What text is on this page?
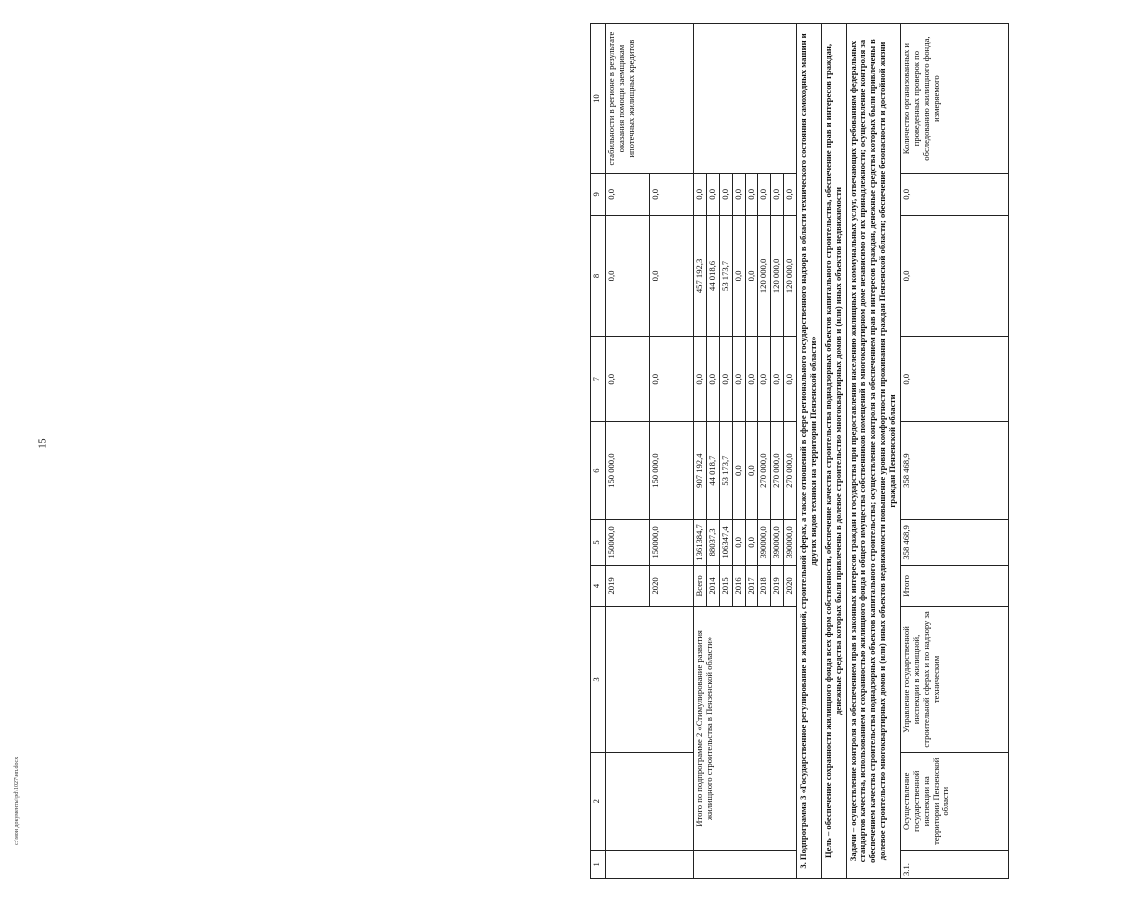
15
1	2	3	4	5	6	7	8	9	10
			2019	150000,0	150 000,0	0,0	0,0	0,0	стабильности в регионе в результате оказания помощи заемщикам ипотечных жилищных кредитов
			2020	150000,0	150 000,0	0,0	0,0	0,0	
	Итого по подпрограмме 2 «Стимулирование развития жилищного строительства в Пензенской области»		Всего	1361384,7	907 192,4	0,0	457 192,3	0,0	
			2014	88037,3	44 018,7	0,0	44 018,6	0,0	
			2015	106347,4	53 173,7	0,0	53 173,7	0,0	
			2016	0,0	0,0	0,0	0,0	0,0	
			2017	0,0	0,0	0,0	0,0	0,0	
			2018	390000,0	270 000,0	0,0	120 000,0	0,0	
			2019	390000,0	270 000,0	0,0	120 000,0	0,0	
			2020	390000,0	270 000,0	0,0	120 000,0	0,0	
3. Подпрограмма 3 «Государственное регулирование в жилищной, строительной сферах, а также отношений в сфере регионального государственного надзора в области технического состояния самоходных машин и других видов техники на территории Пензенской области»									
Цель – обеспечение сохранности жилищного фонда всех форм собственности, обеспечение качества строительства поднадзорных объектов капитального строительства, обеспечение прав и интересов граждан, денежные средства которых были привлечены в долевое строительство многоквартирных домов и (или) иных объектов недвижимости									
Задачи – осуществление контроля за обеспечением прав и законных интересов граждан и государства при предоставлении населению жилищных и коммунальных услуг, отвечающих требованиям федеральных стандартов качества, использованием и сохранностью жилищного фонда и общего имущества собственников помещений в многоквартирном доме независимо от их принадлежности; осуществление контроля за обеспечением качества строительства поднадзорных объектов капитального строительства; осуществление контроля за обеспечением прав и интересов граждан, денежные средства которых были привлечены в долевое строительство многоквартирных домов и (или) иных объектов недвижимости повышение уровня комфортности проживания граждан Пензенской области; обеспечение безопасности и достойной жизни граждан Пензенской области									
3.1.	Осуществление государственной инспекции на территории Пензенской области	Управление государственной инспекции в жилищной, строительной сферах и по надзору за техническим	Итого	358 468,9	358 468,9	0,0	0,0	0,0	Количество организованных и проведенных проверок по обследованию жилищного фонда, измеряемого
c:\мои документы\pd\1027\нп.docx
